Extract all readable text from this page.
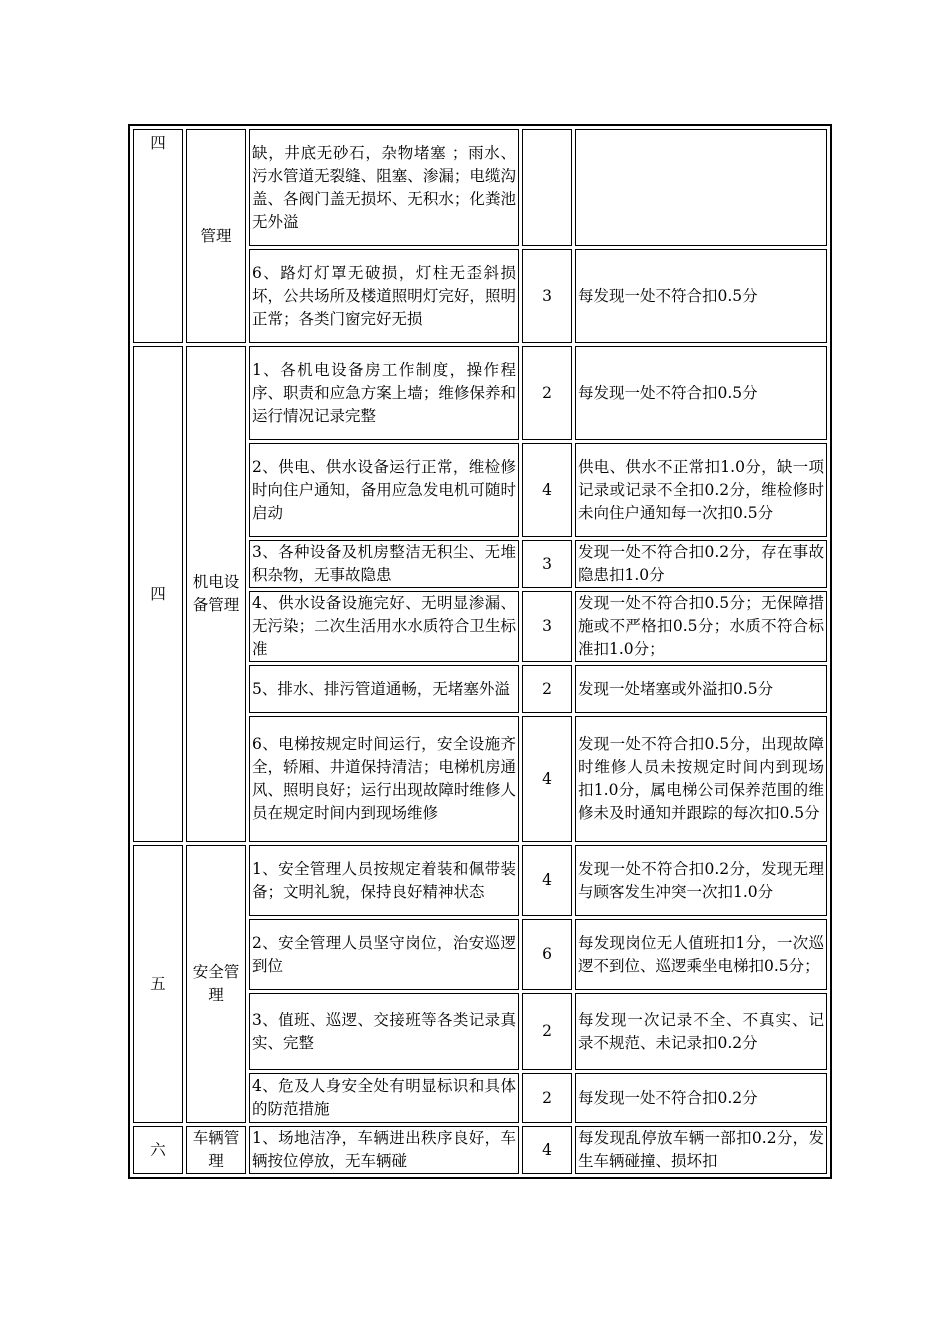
四	管理	缺，井底无砂石，杂物堵塞 ；雨水、污水管道无裂缝、阻塞、渗漏；电缆沟盖、各阀门盖无损坏、无积水；化粪池无外溢		
		6、路灯灯罩无破损，灯柱无歪斜损坏，公共场所及楼道照明灯完好，照明正常；各类门窗完好无损	3	每发现一处不符合扣0.5分
四	机电设备管理	1、各机电设备房工作制度，操作程序、职责和应急方案上墙；维修保养和运行情况记录完整	2	每发现一处不符合扣0.5分
		2、供电、供水设备运行正常，维检修时向住户通知，备用应急发电机可随时启动	4	供电、供水不正常扣1.0分，缺一项记录或记录不全扣0.2分，维检修时未向住户通知每一次扣0.5分
		3、各种设备及机房整洁无积尘、无堆积杂物，无事故隐患	3	发现一处不符合扣0.2分，存在事故隐患扣1.0分
		4、供水设备设施完好、无明显渗漏、无污染；二次生活用水水质符合卫生标准	3	发现一处不符合扣0.5分；无保障措施或不严格扣0.5分；水质不符合标准扣1.0分；
		5、排水、排污管道通畅，无堵塞外溢	2	发现一处堵塞或外溢扣0.5分
		6、电梯按规定时间运行，安全设施齐全，轿厢、井道保持清洁；电梯机房通风、照明良好；运行出现故障时维修人员在规定时间内到现场维修	4	发现一处不符合扣0.5分，出现故障时维修人员未按规定时间内到现场扣1.0分，属电梯公司保养范围的维修未及时通知并跟踪的每次扣0.5分
五	安全管理	1、安全管理人员按规定着装和佩带装备；文明礼貌，保持良好精神状态	4	发现一处不符合扣0.2分，发现无理与顾客发生冲突一次扣1.0分
		2、安全管理人员坚守岗位，治安巡逻到位	6	每发现岗位无人值班扣1分，一次巡逻不到位、巡逻乘坐电梯扣0.5分；
		3、值班、巡逻、交接班等各类记录真实、完整	2	每发现一次记录不全、不真实、记录不规范、未记录扣0.2分
		4、危及人身安全处有明显标识和具体的防范措施	2	每发现一处不符合扣0.2分
六	车辆管理	1、场地洁净，车辆进出秩序良好，车辆按位停放，无车辆碰	4	每发现乱停放车辆一部扣0.2分，发生车辆碰撞、损坏扣
